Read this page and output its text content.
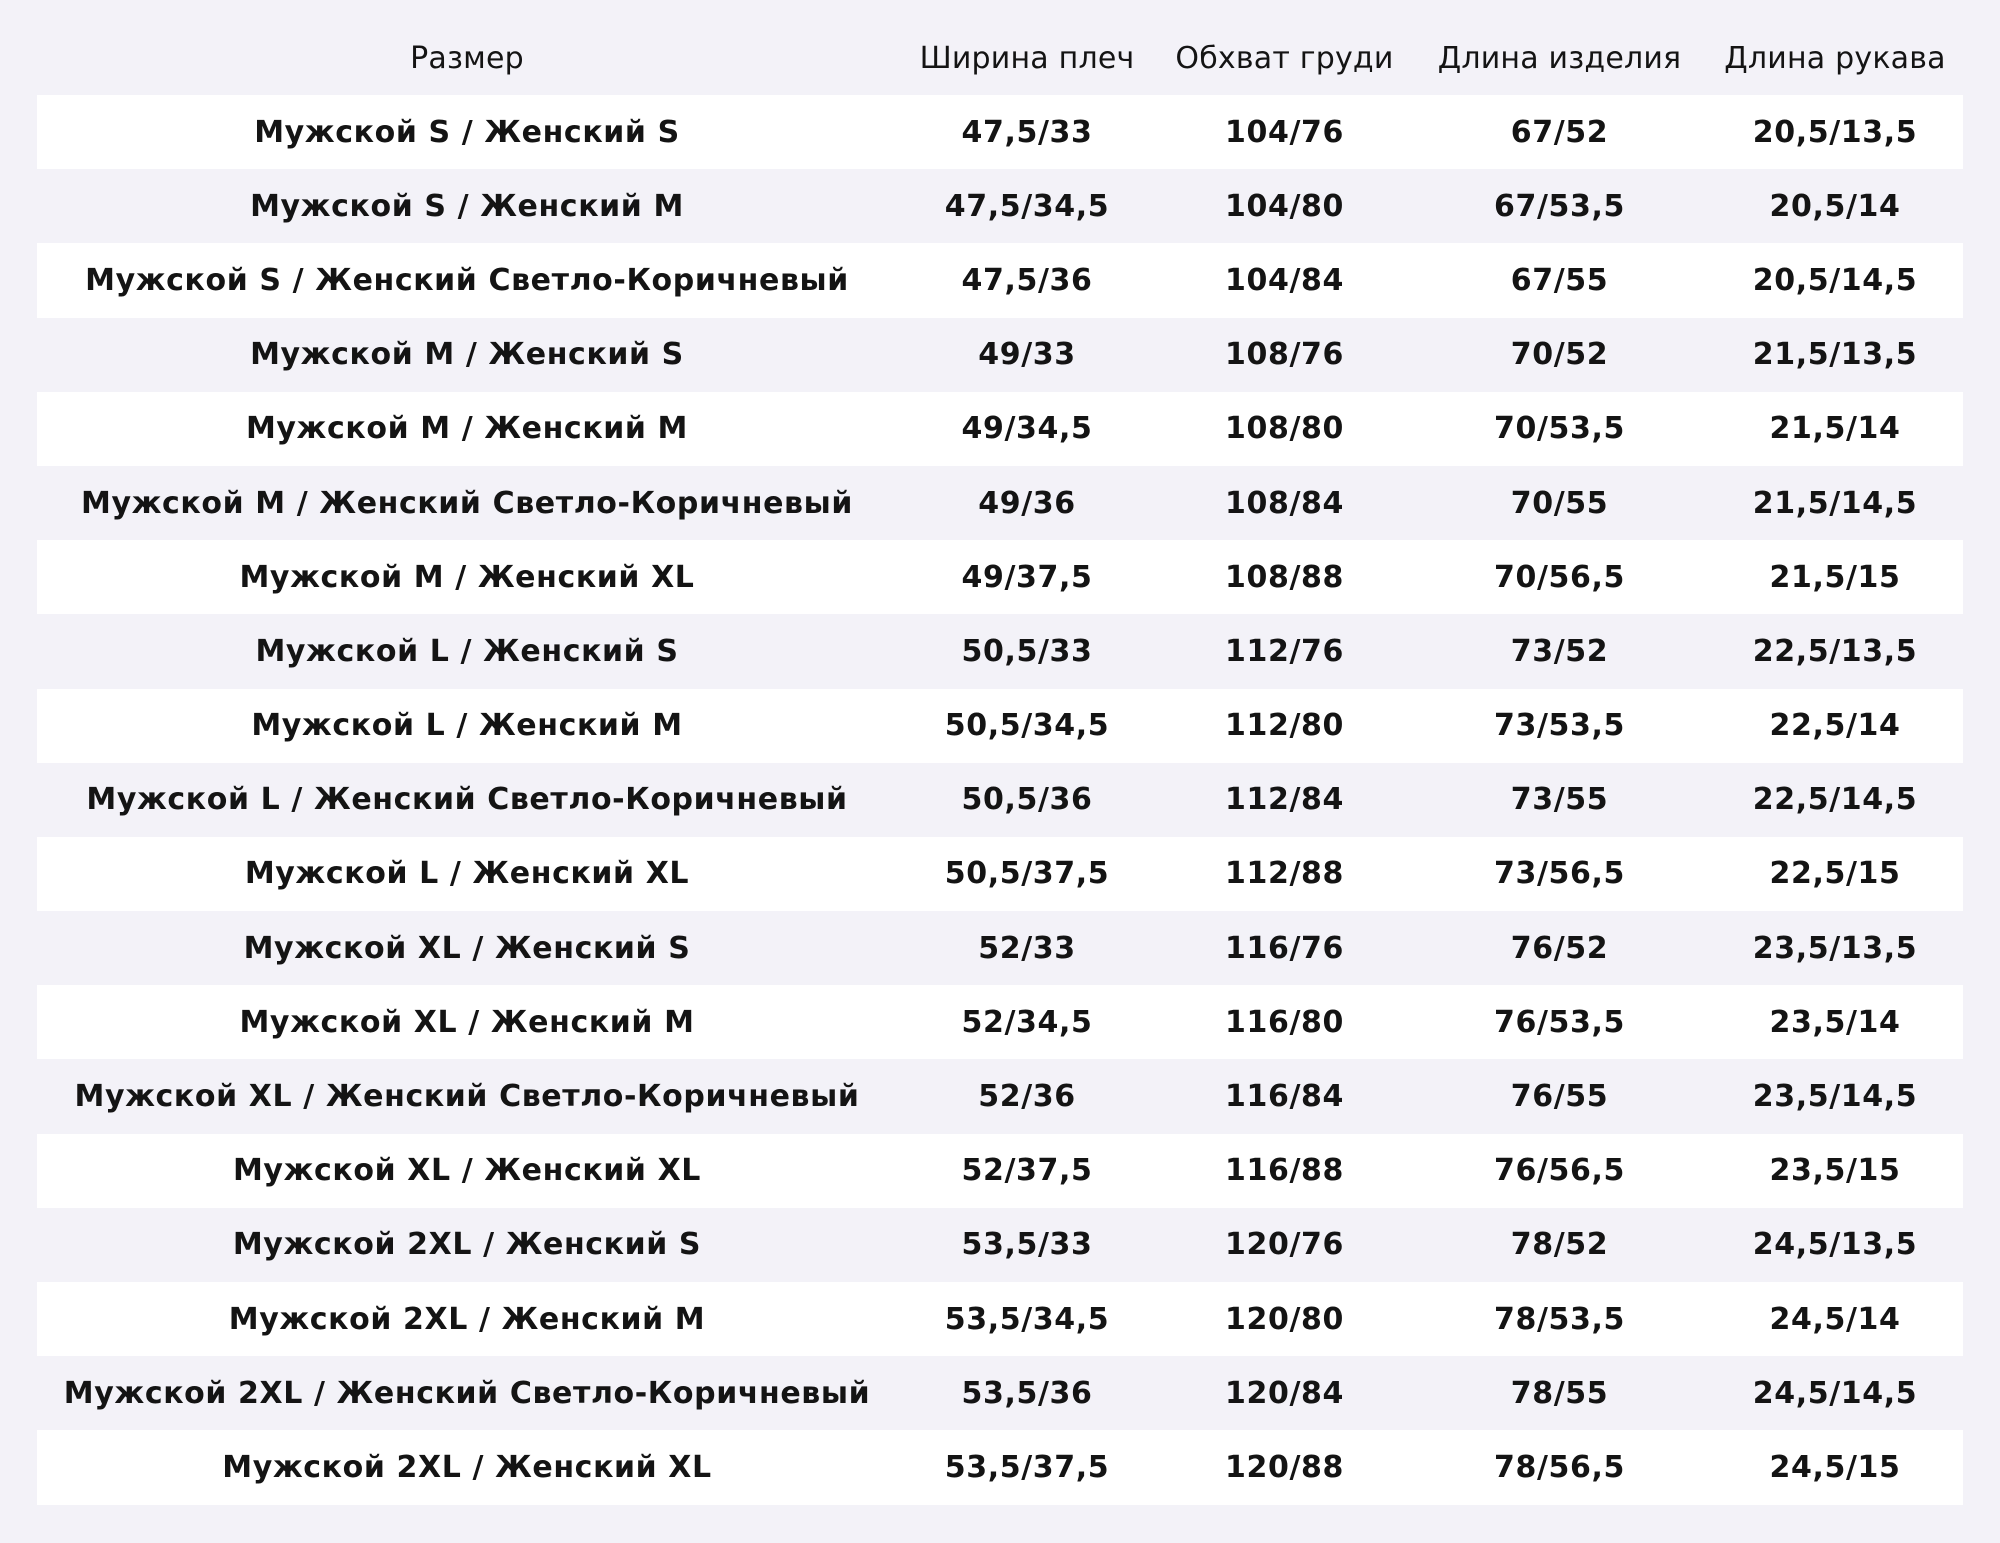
Размер	Ширина плеч	Обхват груди	Длина изделия	Длина рукава
Мужской S / Женский S	47,5/33	104/76	67/52	20,5/13,5
Мужской S / Женский M	47,5/34,5	104/80	67/53,5	20,5/14
Мужской S / Женский Светло-Коричневый	47,5/36	104/84	67/55	20,5/14,5
Мужской M / Женский S	49/33	108/76	70/52	21,5/13,5
Мужской M / Женский M	49/34,5	108/80	70/53,5	21,5/14
Мужской M / Женский Светло-Коричневый	49/36	108/84	70/55	21,5/14,5
Мужской M / Женский XL	49/37,5	108/88	70/56,5	21,5/15
Мужской L / Женский S	50,5/33	112/76	73/52	22,5/13,5
Мужской L / Женский M	50,5/34,5	112/80	73/53,5	22,5/14
Мужской L / Женский Светло-Коричневый	50,5/36	112/84	73/55	22,5/14,5
Мужской L / Женский XL	50,5/37,5	112/88	73/56,5	22,5/15
Мужской XL / Женский S	52/33	116/76	76/52	23,5/13,5
Мужской XL / Женский M	52/34,5	116/80	76/53,5	23,5/14
Мужской XL / Женский Светло-Коричневый	52/36	116/84	76/55	23,5/14,5
Мужской XL / Женский XL	52/37,5	116/88	76/56,5	23,5/15
Мужской 2XL / Женский S	53,5/33	120/76	78/52	24,5/13,5
Мужской 2XL / Женский M	53,5/34,5	120/80	78/53,5	24,5/14
Мужской 2XL / Женский Светло-Коричневый	53,5/36	120/84	78/55	24,5/14,5
Мужской 2XL / Женский XL	53,5/37,5	120/88	78/56,5	24,5/15
